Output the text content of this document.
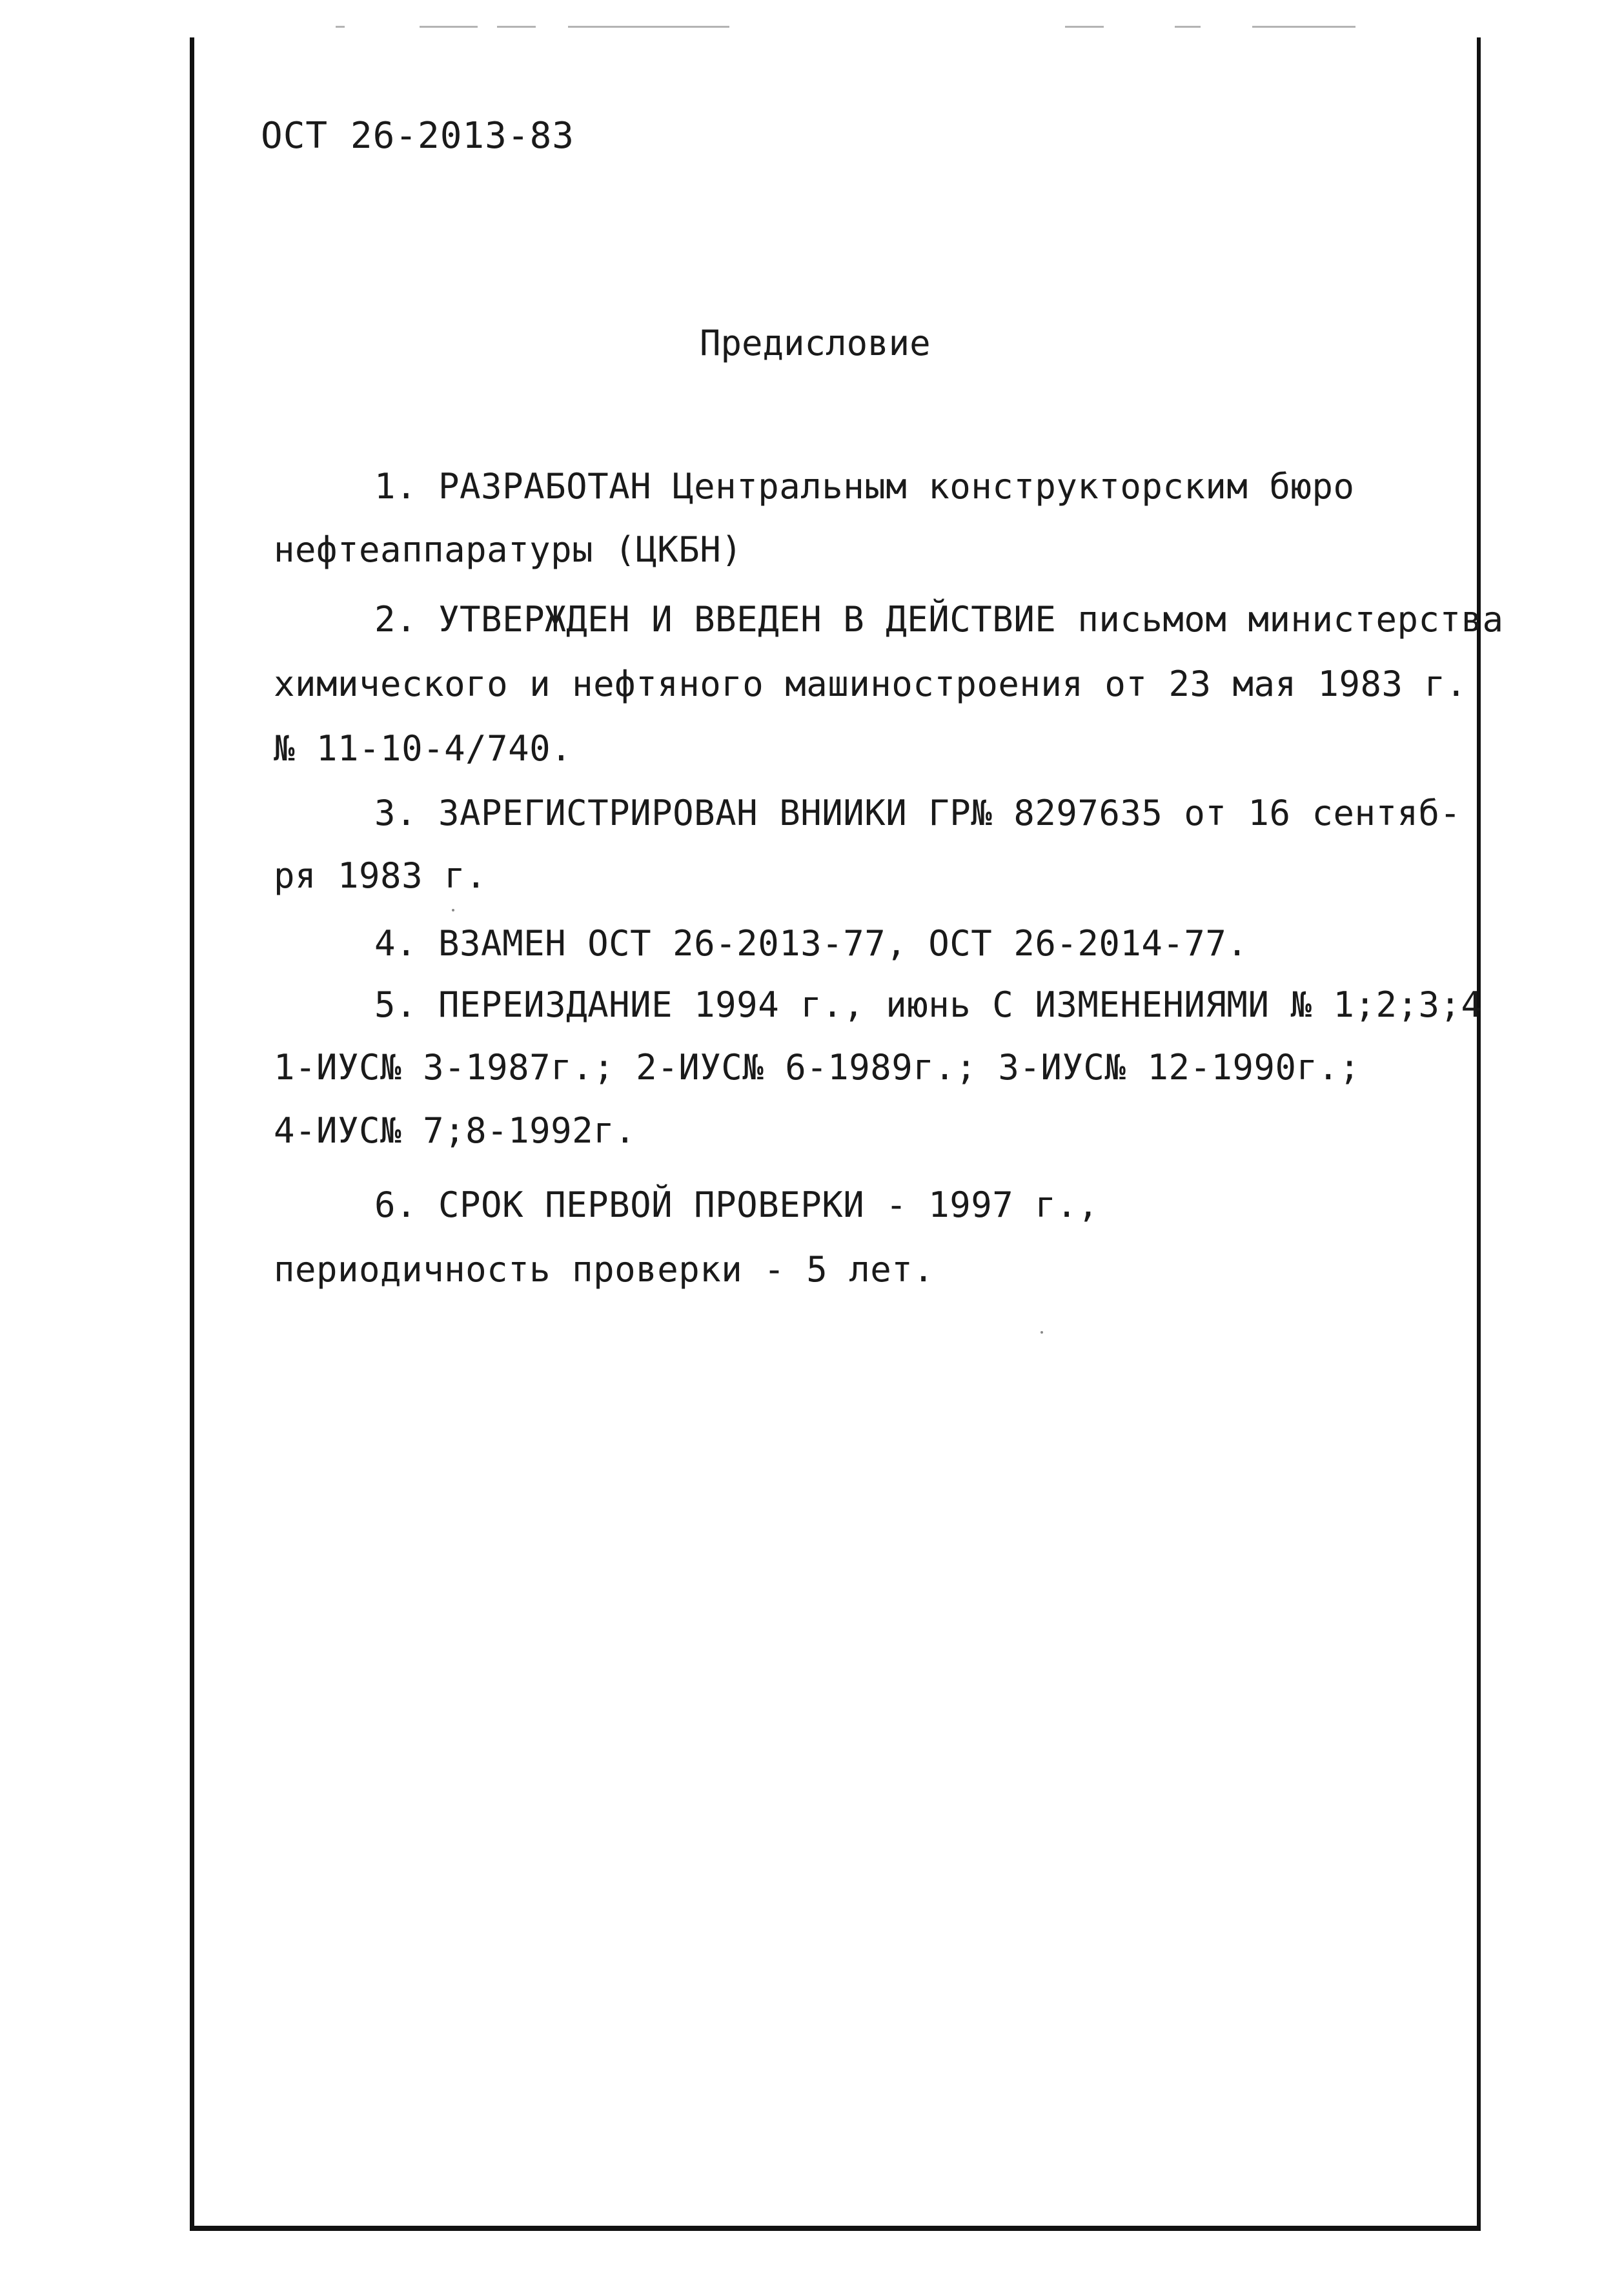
ОСТ 26-2013-83
Предисловие
1. РАЗРАБОТАН Центральным конструкторским бюро
нефтеаппаратуры (ЦКБН)
2. УТВЕРЖДЕН И ВВЕДЕН В ДЕЙСТВИЕ письмом министерства
химического и нефтяного машиностроения от 23 мая 1983 г.
№ 11-10-4/740.
3. ЗАРЕГИСТРИРОВАН ВНИИКИ ГР№ 8297635 от 16 сентяб-
ря 1983 г.
4. ВЗАМЕН ОСТ 26-2013-77, ОСТ 26-2014-77.
5. ПЕРЕИЗДАНИЕ 1994 г., июнь С ИЗМЕНЕНИЯМИ № 1;2;3;4
1-ИУС№ 3-1987г.; 2-ИУС№ 6-1989г.; 3-ИУС№ 12-1990г.;
4-ИУС№ 7;8-1992г.
6. СРОК ПЕРВОЙ ПРОВЕРКИ - 1997 г.,
периодичность проверки - 5 лет.
